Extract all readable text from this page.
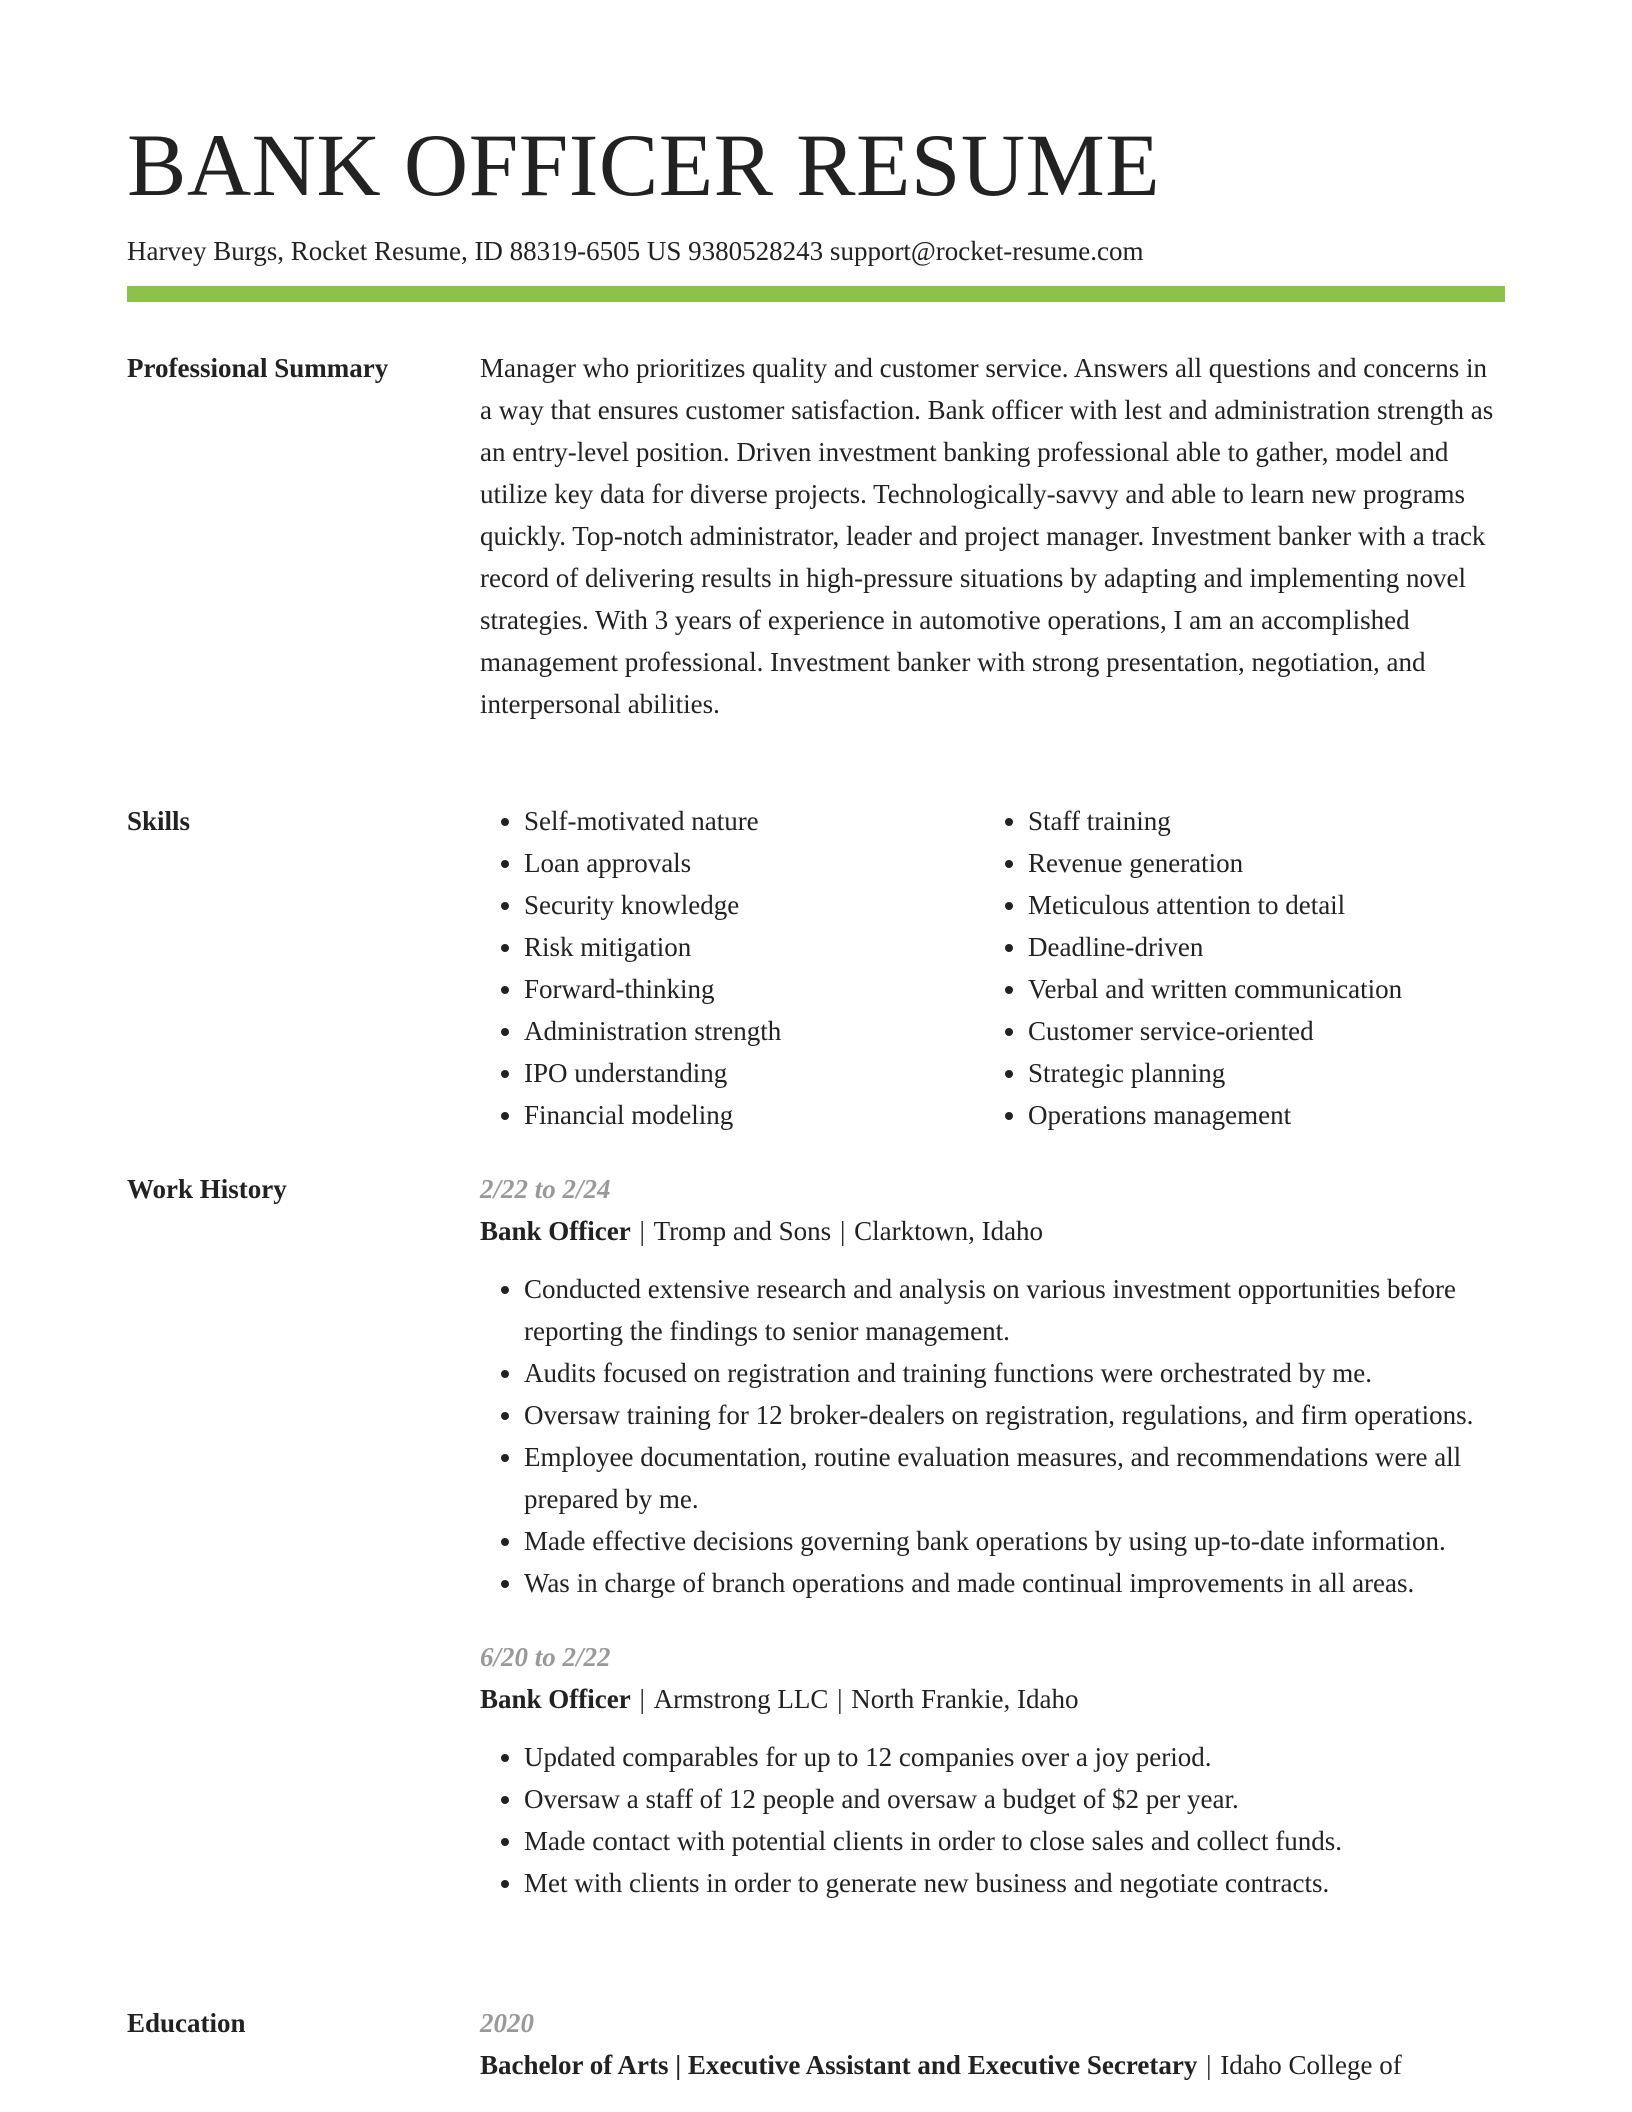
BANK OFFICER RESUME
Harvey Burgs, Rocket Resume, ID 88319-6505 US 9380528243 support@rocket-resume.com
Professional Summary	Manager who prioritizes quality and customer service. Answers all questions and concerns in a way that ensures customer satisfaction. Bank officer with lest and administration strength as an entry-level position. Driven investment banking professional able to gather, model and utilize key data for diverse projects. Technologically-savvy and able to learn new programs quickly. Top-notch administrator, leader and project manager. Investment banker with a track record of delivering results in high-pressure situations by adapting and implementing novel strategies. With 3 years of experience in automotive operations, I am an accomplished management professional. Investment banker with strong presentation, negotiation, and interpersonal abilities.

Skills
•	Self-motivated nature
• Loan approvals
• Security knowledge
• Risk mitigation
• Forward-thinking
• Administration strength
• IPO understanding
• Financial modeling
• Staff training
• Revenue generation
• Meticulous attention to detail
• Deadline-driven
• Verbal and written communication
• Customer service-oriented
• Strategic planning
• Operations management
Work History	2/22 to 2/24
Bank Officer | Tromp and Sons | Clarktown, Idaho
• Conducted extensive research and analysis on various investment opportunities before reporting the findings to senior management.
• Audits focused on registration and training functions were orchestrated by me.
• Oversaw training for 12 broker-dealers on registration, regulations, and firm operations.
• Employee documentation, routine evaluation measures, and recommendations were all prepared by me.
• Made effective decisions governing bank operations by using up-to-date information.
• Was in charge of branch operations and made continual improvements in all areas.
6/20 to 2/22
Bank Officer | Armstrong LLC | North Frankie, Idaho
• Updated comparables for up to 12 companies over a joy period.
• Oversaw a staff of 12 people and oversaw a budget of $2 per year.
• Made contact with potential clients in order to close sales and collect funds.
• Met with clients in order to generate new business and negotiate contracts.
Education	2020
Bachelor of Arts | Executive Assistant and Executive Secretary | Idaho College of
